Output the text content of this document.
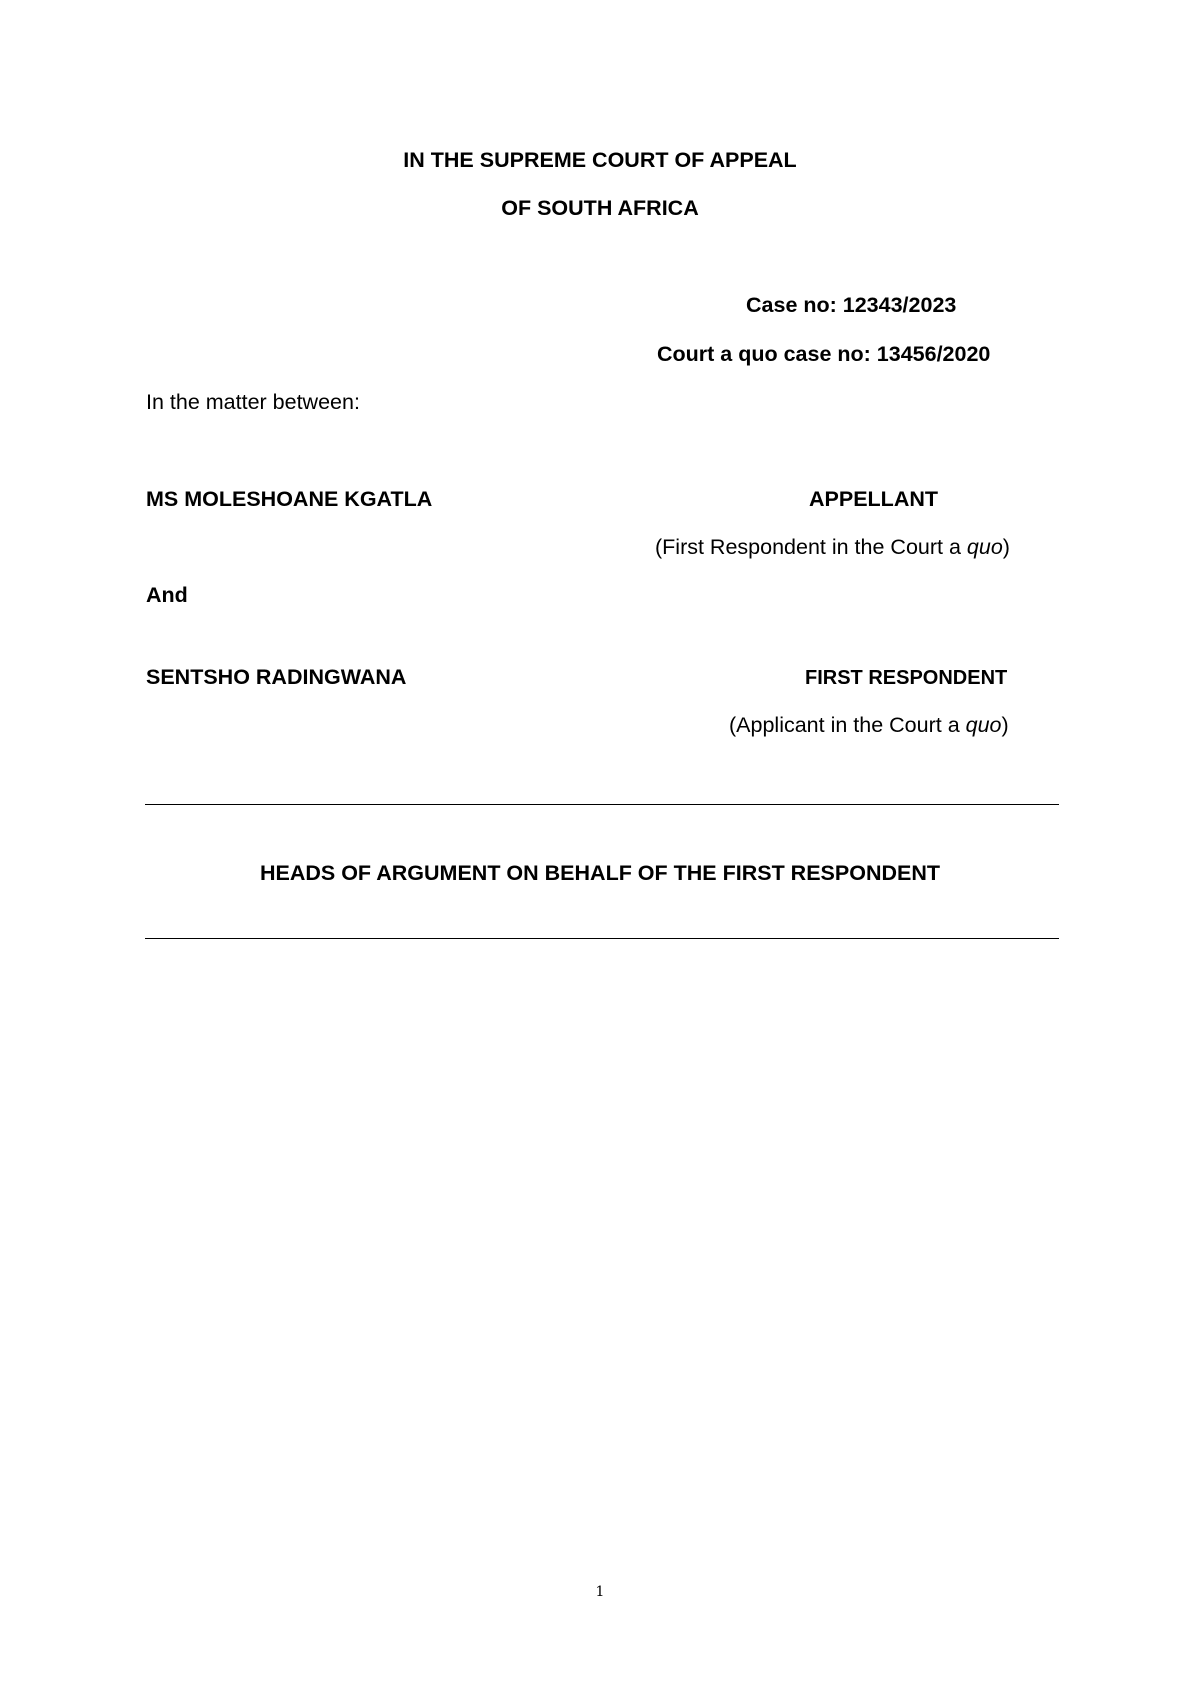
IN THE SUPREME COURT OF APPEAL
OF SOUTH AFRICA
Case no: 12343/2023
Court a quo case no: 13456/2020
In the matter between:
MS MOLESHOANE KGATLA	APPELLANT
(First Respondent in the Court a quo)
And
SENTSHO RADINGWANA	FIRST RESPONDENT
(Applicant in the Court a quo)
HEADS OF ARGUMENT ON BEHALF OF THE FIRST RESPONDENT
1
